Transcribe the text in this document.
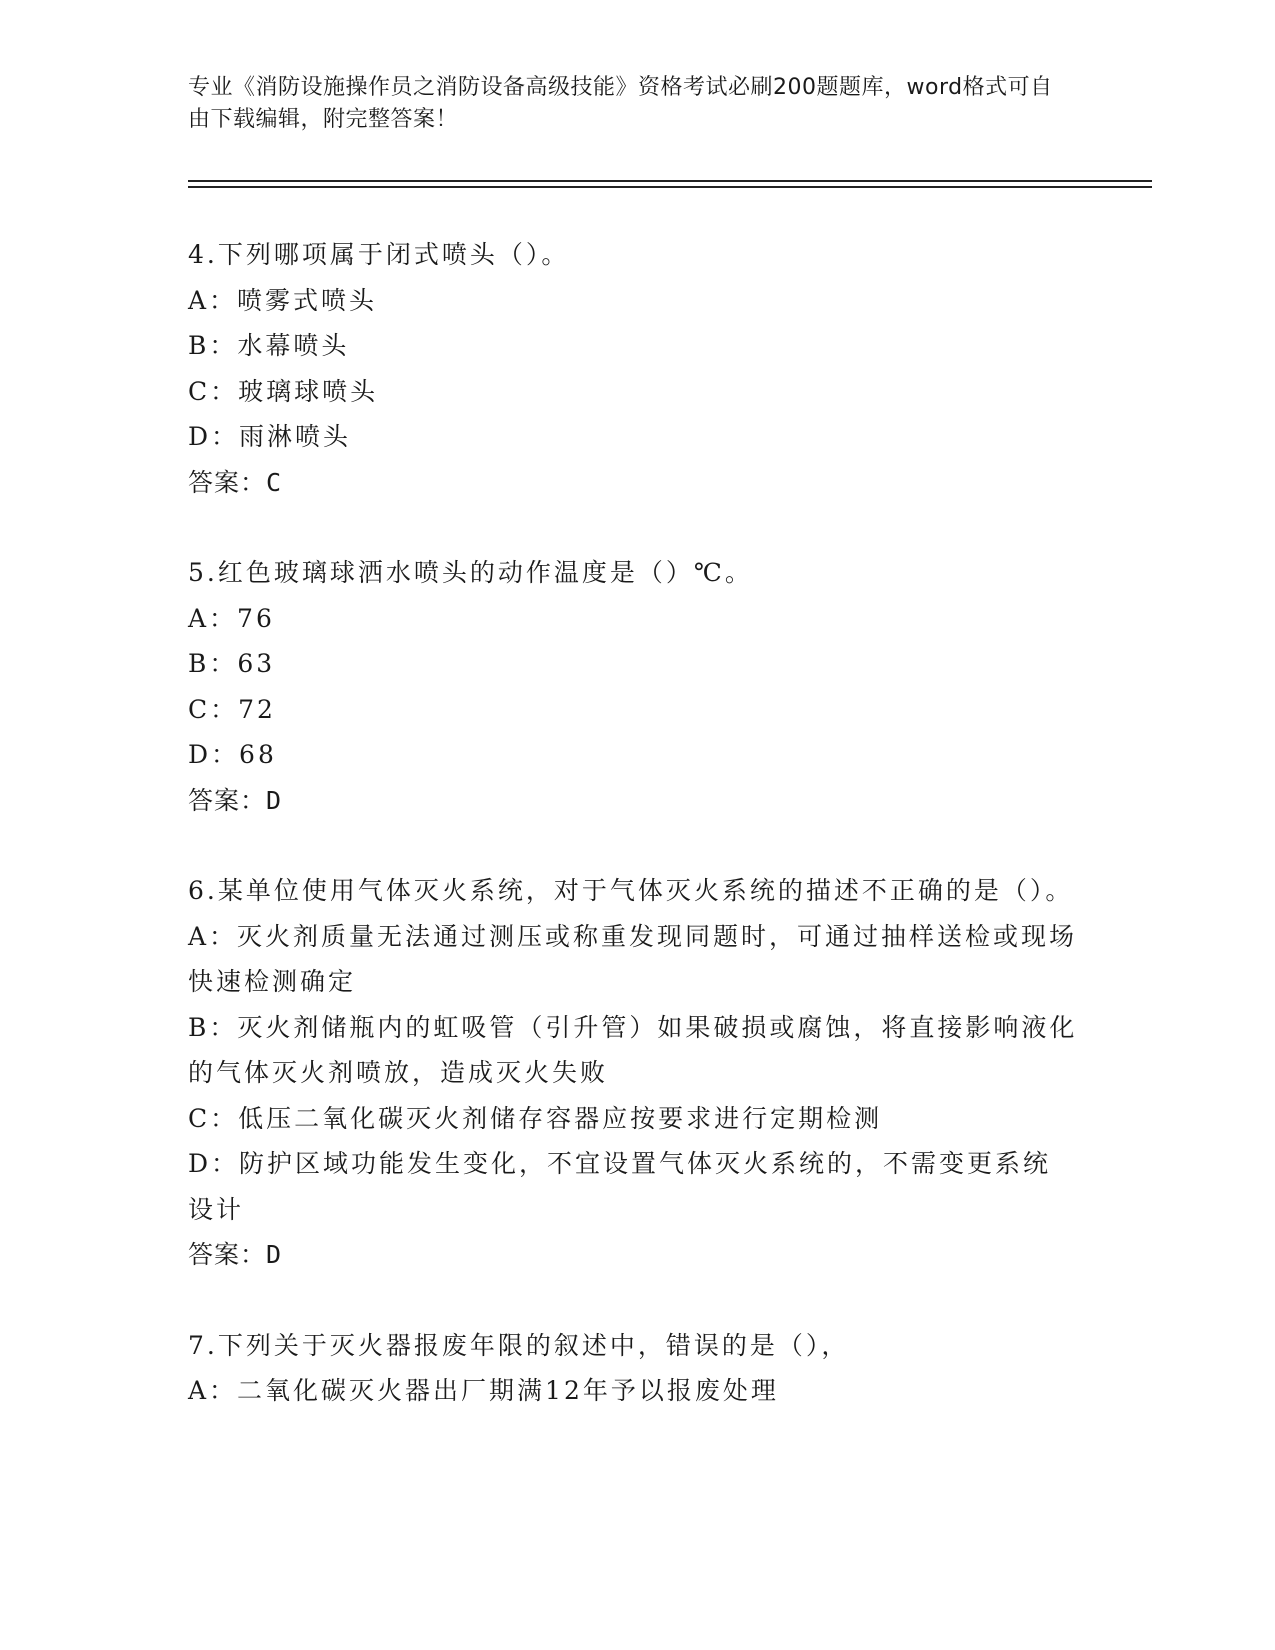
专业《消防设施操作员之消防设备高级技能》资格考试必刷200题题库，word格式可自由下载编辑，附完整答案！

4.下列哪项属于闭式喷头（）。

A：喷雾式喷头

B：水幕喷头

C：玻璃球喷头

D：雨淋喷头

答案：C

5.红色玻璃球洒水喷头的动作温度是（）℃。

A：76

B：63

C：72

D：68

答案：D

6.某单位使用气体灭火系统，对于气体灭火系统的描述不正确的是（）。

A：灭火剂质量无法通过测压或称重发现同题时，可通过抽样送检或现场快速检测确定

B：灭火剂储瓶内的虹吸管（引升管）如果破损或腐蚀，将直接影响液化的气体灭火剂喷放，造成灭火失败

C：低压二氧化碳灭火剂储存容器应按要求进行定期检测

D：防护区域功能发生变化，不宜设置气体灭火系统的，不需变更系统设计

答案：D

7.下列关于灭火器报废年限的叙述中，错误的是（），

A：二氧化碳灭火器出厂期满12年予以报废处理
